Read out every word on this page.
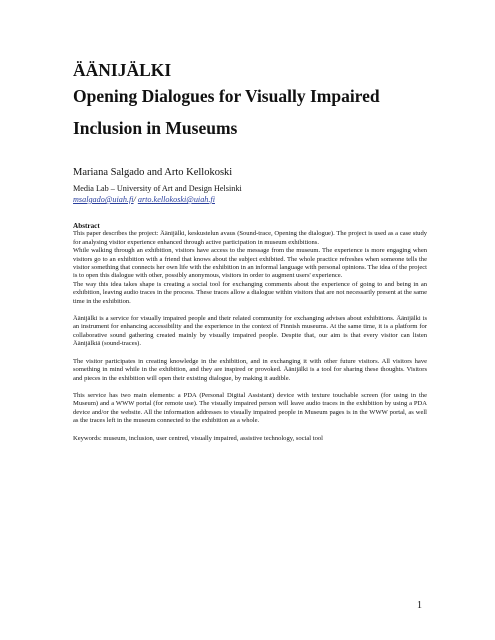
ÄÄNIJÄLKI
Opening Dialogues for Visually Impaired
Inclusion in Museums

Mariana Salgado and Arto Kellokoski

Media Lab – University of Art and Design Helsinki

msalgado@uiah.fi/ arto.kellokoski@uiah.fi

Abstract

This paper describes the project: Äänijälki, keskustelun avaus (Sound-trace, Opening the dialogue). The project is used as a case study for analysing visitor experience enhanced through active participation in museum exhibitions.

While walking through an exhibition, visitors have access to the message from the museum. The experience is more engaging when visitors go to an exhibition with a friend that knows about the subject exhibited. The whole practice refreshes when someone tells the visitor something that connects her own life with the exhibition in an informal language with personal opinions. The idea of the project is to open this dialogue with other, possibly anonymous, visitors in order to augment users' experience.

The way this idea takes shape is creating a social tool for exchanging comments about the experience of going to and being in an exhibition, leaving audio traces in the process. These traces allow a dialogue within visitors that are not necessarily present at the same time in the exhibition.

Äänijälki is a service for visually impaired people and their related community for exchanging advises about exhibitions. Äänijälki is an instrument for enhancing accessibility and the experience in the context of Finnish museums. At the same time, it is a platform for collaborative sound gathering created mainly by visually impaired people. Despite that, our aim is that every visitor can listen Äänijälkiä (sound-traces).

The visitor participates in creating knowledge in the exhibition, and in exchanging it with other future visitors. All visitors have something in mind while in the exhibition, and they are inspired or provoked. Äänijälki is a tool for sharing these thoughts. Visitors and pieces in the exhibition will open their existing dialogue, by making it audible.

This service has two main elements: a PDA (Personal Digital Assistant) device with texture touchable screen (for using in the Museum) and a WWW portal (for remote use). The visually impaired person will leave audio traces in the exhibition by using a PDA device and/or the website. All the information addresses to visually impaired people in Museum pages is in the WWW portal, as well as the traces left in the museum connected to the exhibition as a whole.

Keywords: museum, inclusion, user centred, visually impaired, assistive technology, social tool

1
